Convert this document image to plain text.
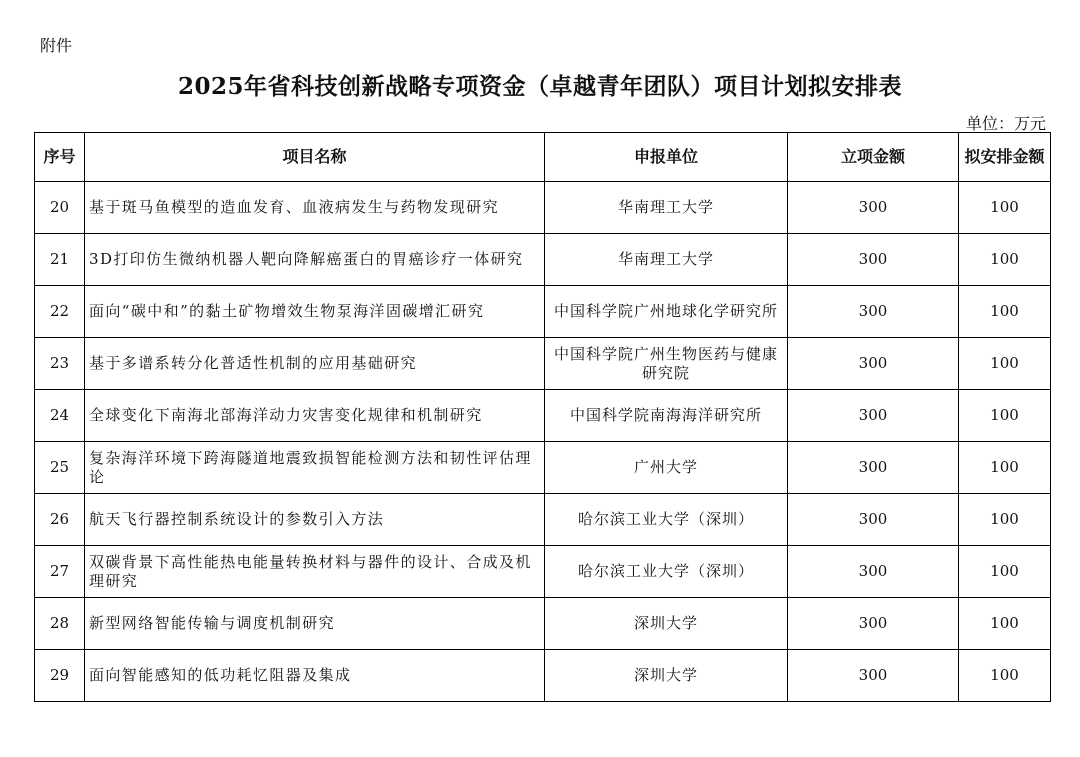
附件
2025年省科技创新战略专项资金（卓越青年团队）项目计划拟安排表
单位：万元
序号	项目名称	申报单位	立项金额	拟安排金额
20	基于斑马鱼模型的造血发育、血液病发生与药物发现研究	华南理工大学	300	100
21	3D打印仿生微纳机器人靶向降解癌蛋白的胃癌诊疗一体研究	华南理工大学	300	100
22	面向“碳中和”的黏土矿物增效生物泵海洋固碳增汇研究	中国科学院广州地球化学研究所	300	100
23	基于多谱系转分化普适性机制的应用基础研究	中国科学院广州生物医药与健康研究院	300	100
24	全球变化下南海北部海洋动力灾害变化规律和机制研究	中国科学院南海海洋研究所	300	100
25	复杂海洋环境下跨海隧道地震致损智能检测方法和韧性评估理论	广州大学	300	100
26	航天飞行器控制系统设计的参数引入方法	哈尔滨工业大学（深圳）	300	100
27	双碳背景下高性能热电能量转换材料与器件的设计、合成及机理研究	哈尔滨工业大学（深圳）	300	100
28	新型网络智能传输与调度机制研究	深圳大学	300	100
29	面向智能感知的低功耗忆阻器及集成	深圳大学	300	100
